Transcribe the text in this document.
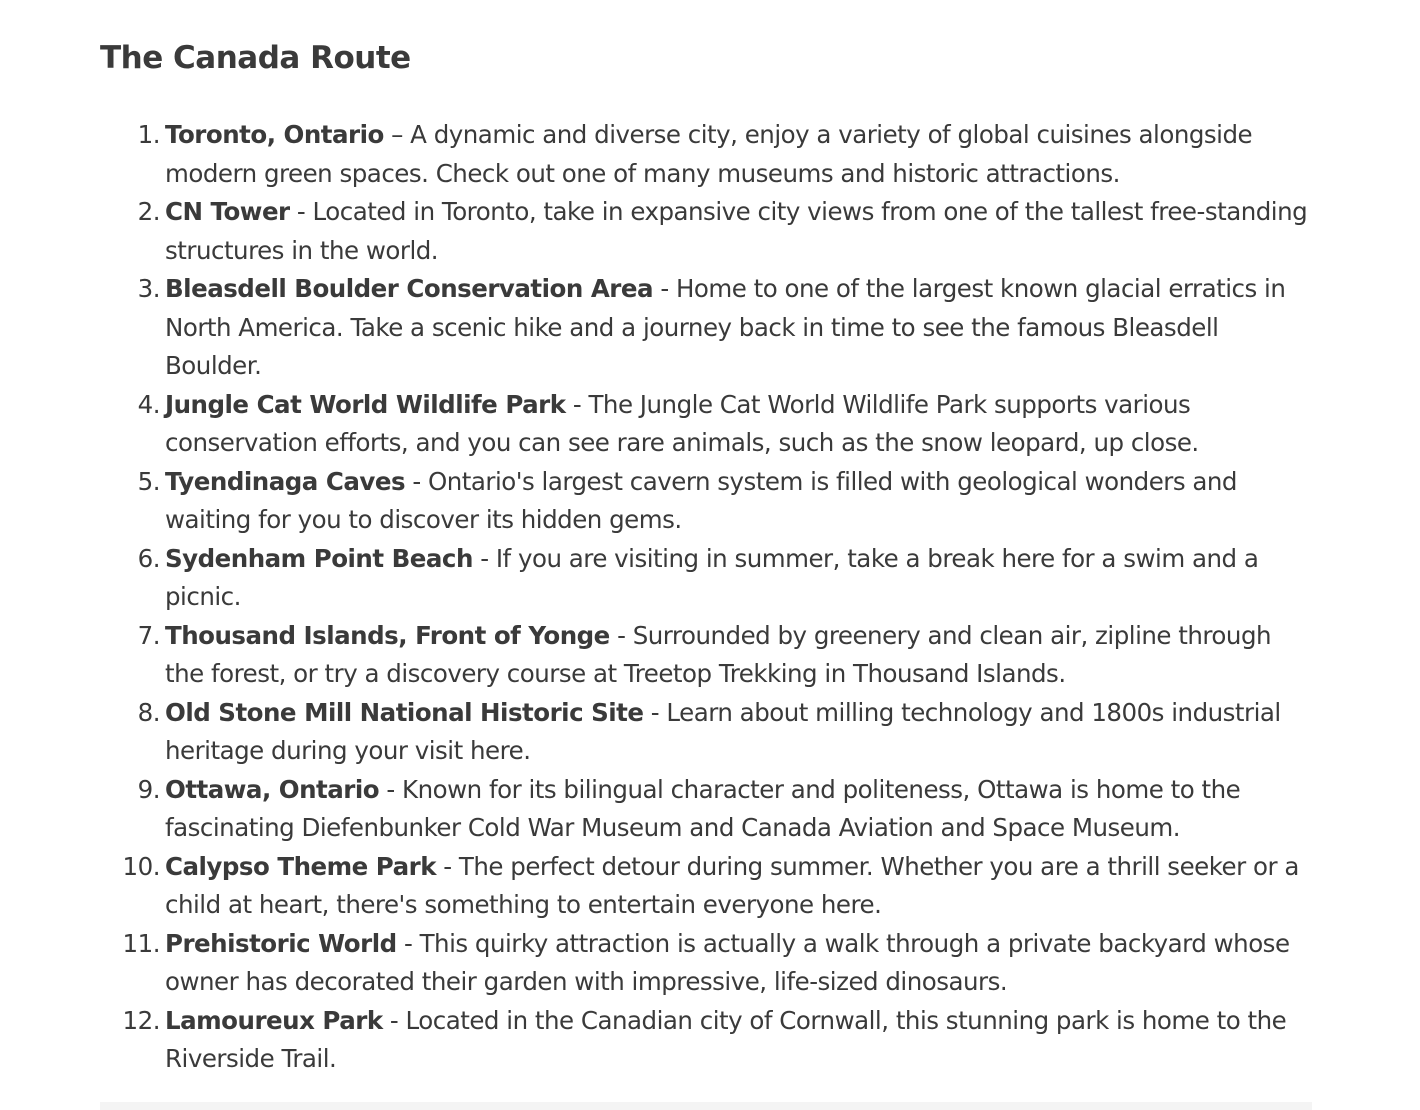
The Canada Route
1. Toronto, Ontario – A dynamic and diverse city, enjoy a variety of global cuisines alongside modern green spaces. Check out one of many museums and historic attractions.
2. CN Tower - Located in Toronto, take in expansive city views from one of the tallest free-standing structures in the world.
3. Bleasdell Boulder Conservation Area - Home to one of the largest known glacial erratics in North America. Take a scenic hike and a journey back in time to see the famous Bleasdell Boulder.
4. Jungle Cat World Wildlife Park - The Jungle Cat World Wildlife Park supports various conservation efforts, and you can see rare animals, such as the snow leopard, up close.
5. Tyendinaga Caves - Ontario's largest cavern system is filled with geological wonders and waiting for you to discover its hidden gems.
6. Sydenham Point Beach - If you are visiting in summer, take a break here for a swim and a picnic.
7. Thousand Islands, Front of Yonge - Surrounded by greenery and clean air, zipline through the forest, or try a discovery course at Treetop Trekking in Thousand Islands.
8. Old Stone Mill National Historic Site - Learn about milling technology and 1800s industrial heritage during your visit here.
9. Ottawa, Ontario - Known for its bilingual character and politeness, Ottawa is home to the fascinating Diefenbunker Cold War Museum and Canada Aviation and Space Museum.
10. Calypso Theme Park - The perfect detour during summer. Whether you are a thrill seeker or a child at heart, there's something to entertain everyone here.
11. Prehistoric World - This quirky attraction is actually a walk through a private backyard whose owner has decorated their garden with impressive, life-sized dinosaurs.
12. Lamoureux Park - Located in the Canadian city of Cornwall, this stunning park is home to the Riverside Trail.
